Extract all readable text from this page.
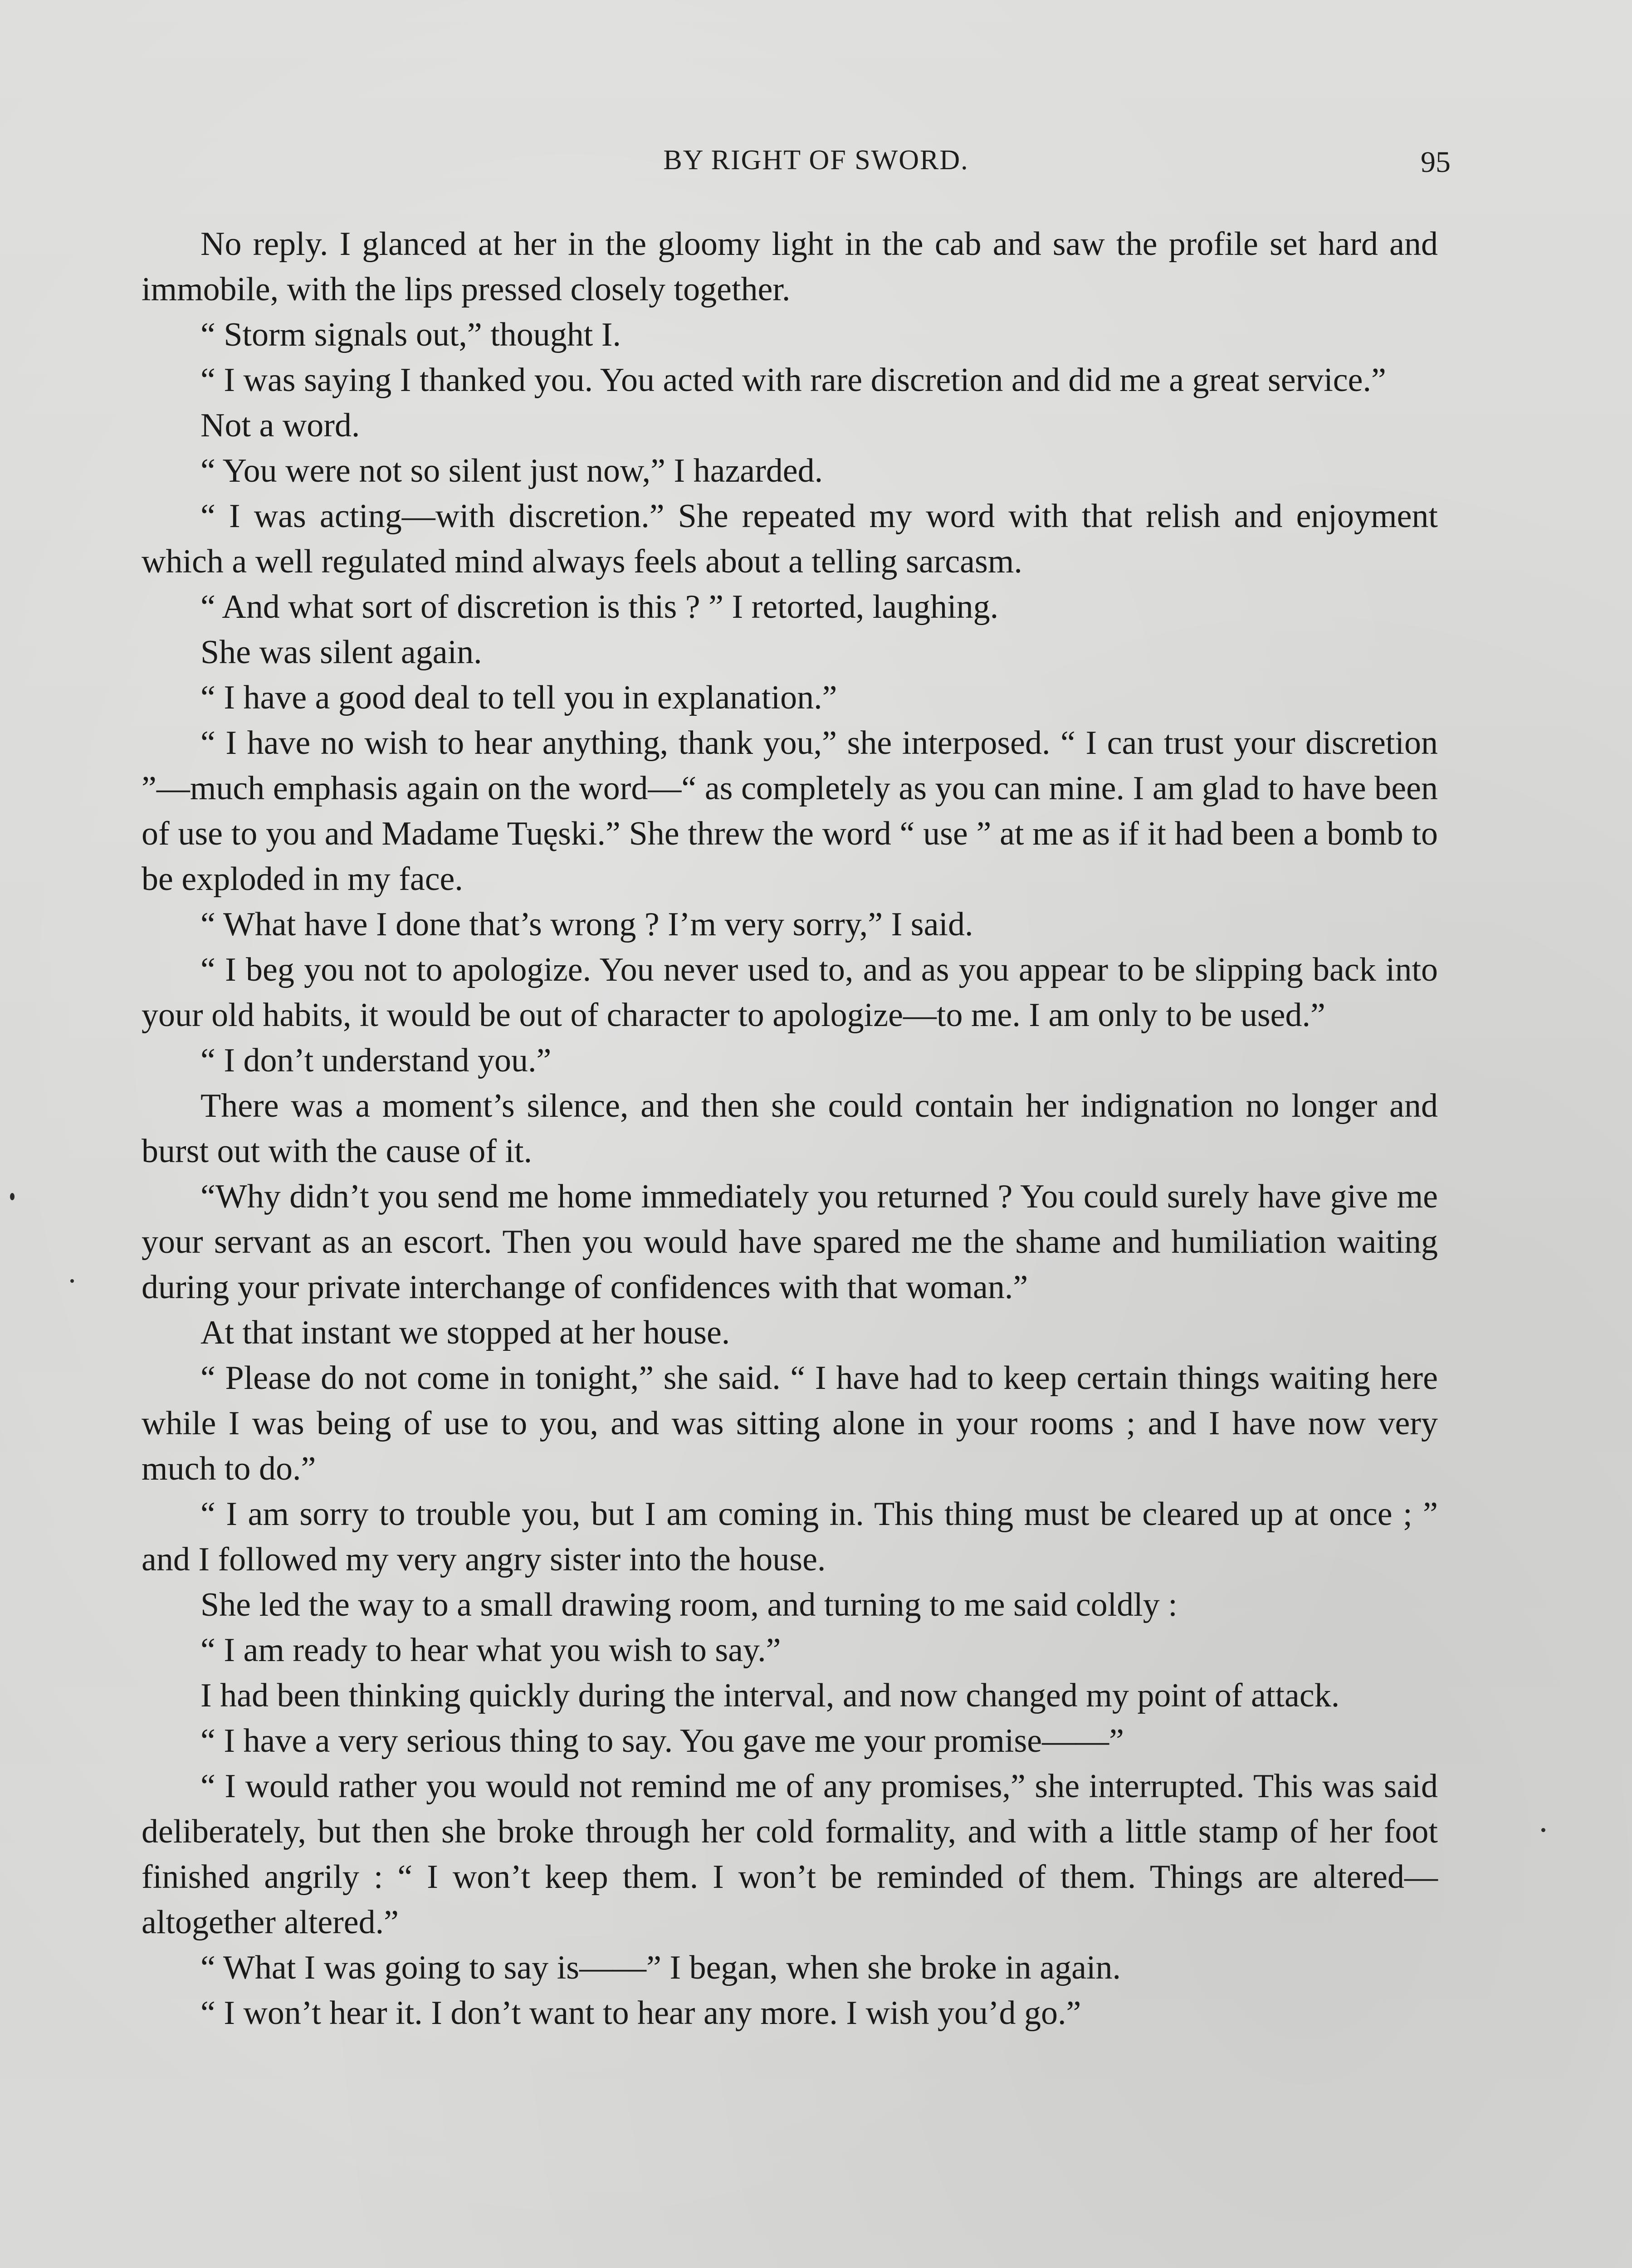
BY RIGHT OF SWORD.	95

No reply. I glanced at her in the gloomy light in the cab and saw the profile set hard and immobile, with the lips pressed closely together.

“ Storm signals out,” thought I.

“ I was saying I thanked you. You acted with rare discretion and did me a great service.”

Not a word.

“ You were not so silent just now,” I hazarded.

“ I was acting—with discretion.” She repeated my word with that relish and enjoyment which a well regulated mind always feels about a telling sarcasm.

“ And what sort of discretion is this ? ” I retorted, laughing.

She was silent again.

“ I have a good deal to tell you in explanation.”

“ I have no wish to hear anything, thank you,” she interposed. “ I can trust your discretion ”—much emphasis again on the word—“ as completely as you can mine. I am glad to have been of use to you and Madame Tuęski.” She threw the word “ use ” at me as if it had been a bomb to be exploded in my face.

“ What have I done that’s wrong ? I’m very sorry,” I said.

“ I beg you not to apologize. You never used to, and as you appear to be slipping back into your old habits, it would be out of character to apologize—to me. I am only to be used.”

“ I don’t understand you.”

There was a moment’s silence, and then she could contain her indignation no longer and burst out with the cause of it.

“Why didn’t you send me home immediately you returned ? You could surely have give me your servant as an escort. Then you would have spared me the shame and humiliation waiting during your private interchange of confidences with that woman.”

At that instant we stopped at her house.

“ Please do not come in tonight,” she said. “ I have had to keep certain things waiting here while I was being of use to you, and was sitting alone in your rooms ; and I have now very much to do.”

“ I am sorry to trouble you, but I am coming in. This thing must be cleared up at once ; ” and I followed my very angry sister into the house.

She led the way to a small drawing room, and turning to me said coldly :

“ I am ready to hear what you wish to say.”

I had been thinking quickly during the interval, and now changed my point of attack.

“ I have a very serious thing to say. You gave me your promise——”

“ I would rather you would not remind me of any promises,” she interrupted. This was said deliberately, but then she broke through her cold formality, and with a little stamp of her foot finished angrily : “ I won’t keep them. I won’t be reminded of them. Things are altered—altogether altered.”

“ What I was going to say is——” I began, when she broke in again.

“ I won’t hear it. I don’t want to hear any more. I wish you’d go.”
